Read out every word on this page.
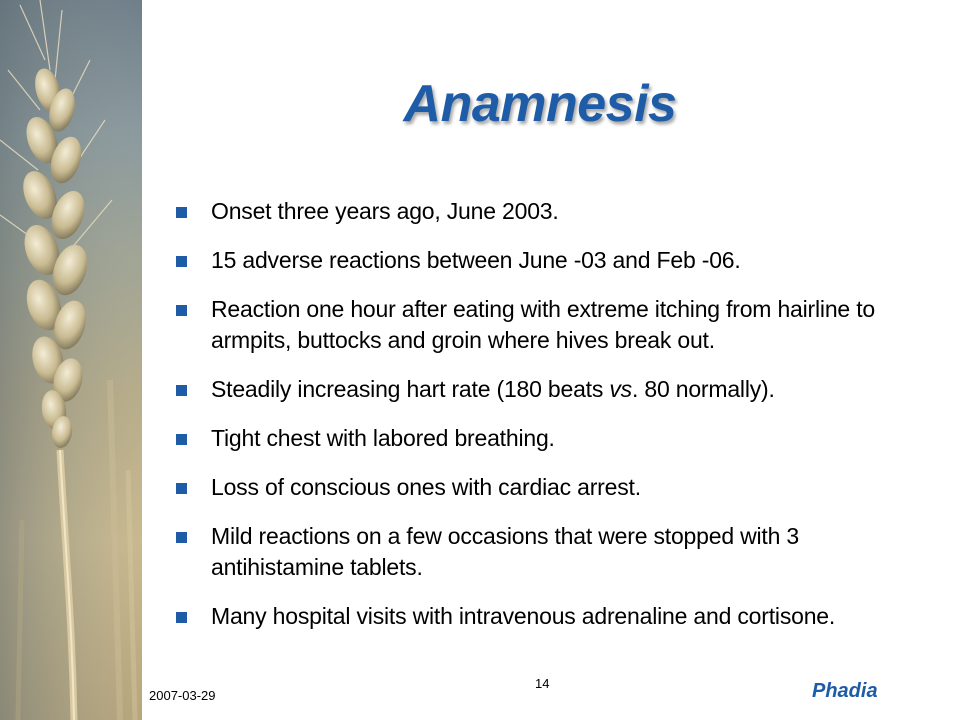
Anamnesis
Onset three years ago, June 2003.
15 adverse reactions between June -03 and Feb -06.
Reaction one hour after eating with extreme itching from hairline to armpits, buttocks and groin where hives break out.
Steadily increasing hart rate (180 beats vs. 80 normally).
Tight chest with labored breathing.
Loss of conscious ones with cardiac arrest.
Mild reactions on a few occasions that were stopped with 3 antihistamine tablets.
Many hospital visits with intravenous adrenaline and cortisone.
2007-03-29
14	Phadia
